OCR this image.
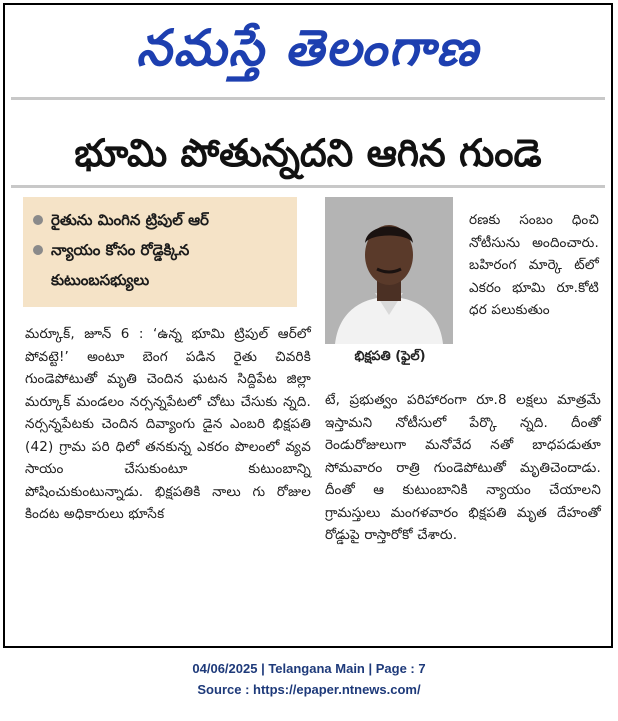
నమస్తే తెలంగాణ
భూమి పోతున్నదని ఆగిన గుండె
రైతును మింగిన ట్రిపుల్ ఆర్
న్యాయం కోసం రోడ్డెక్కిన కుటుంబసభ్యులు
భిక్షపతి (ఫైల్)
మర్కూక్, జూన్ 6 : ‘ఉన్న భూమి ట్రిపుల్ ఆర్‌లో పోవట్టె!’ అంటూ బెంగ పడిన రైతు చివరికి గుండెపోటుతో మృతి చెందిన ఘటన సిద్దిపేట జిల్లా మర్కూక్ మండలం నర్సన్నపేటలో చోటు చేసుకు న్నది. నర్సన్నపేటకు చెందిన దివ్యాంగు డైన ఎంబరి భిక్షపతి (42) గ్రామ పరి ధిలో తనకున్న ఎకరం పొలంలో వ్యవ సాయం చేసుకుంటూ కుటుంబాన్ని పోషించుకుంటున్నాడు. భిక్షపతికి నాలు గు రోజుల కిందట అధికారులు భూసేక
రణకు సంబం ధించి నోటీసును అందించారు. బహిరంగ మార్కె ట్‌లో ఎకరం భూమి రూ.కోటి ధర పలుకుతుం
టే, ప్రభుత్వం పరిహారంగా రూ.8 లక్షలు మాత్రమే ఇస్తామని నోటీసులో పేర్కొ న్నది. దీంతో రెండురోజులుగా మనోవేద నతో బాధపడుతూ సోమవారం రాత్రి గుండెపోటుతో మృతిచెందాడు. దీంతో ఆ కుటుంబానికి న్యాయం చేయాలని గ్రామస్తులు మంగళవారం భిక్షపతి మృత దేహంతో రోడ్డుపై రాస్తారోకో చేశారు.
04/06/2025 | Telangana Main | Page : 7
Source : https://epaper.ntnews.com/
